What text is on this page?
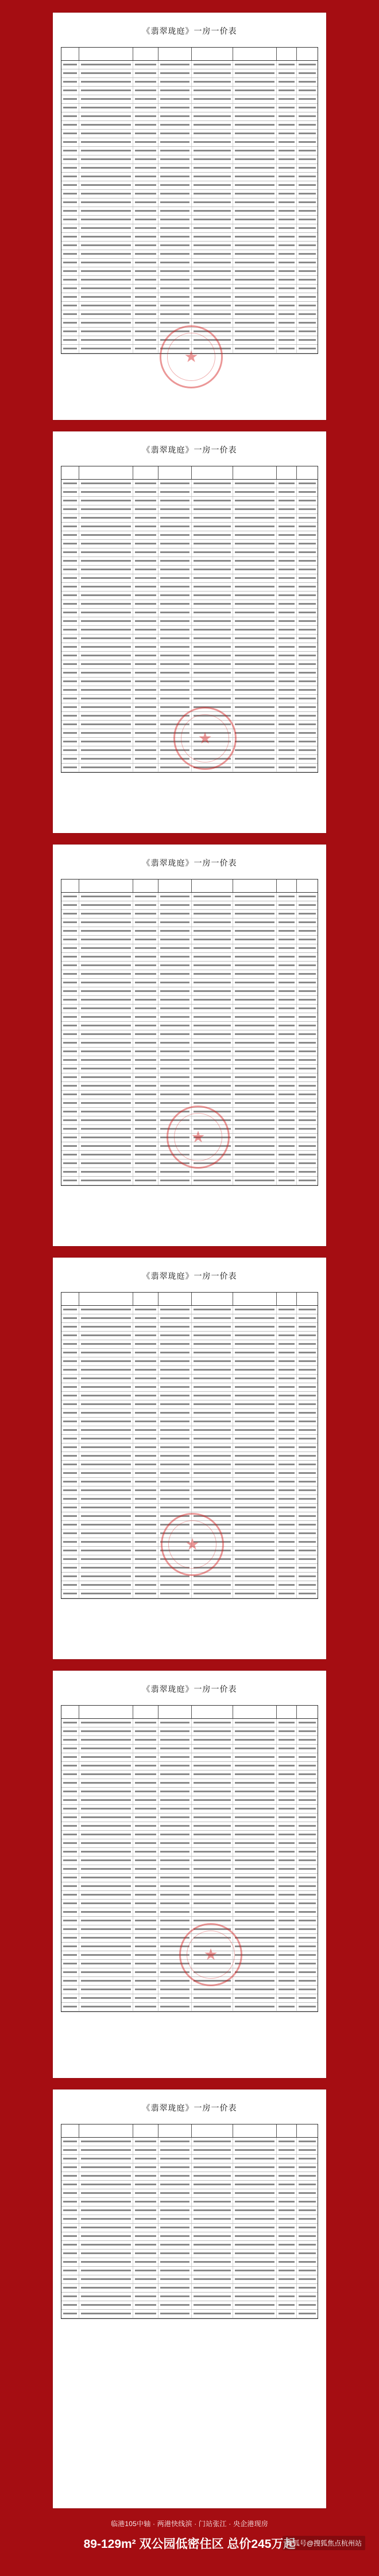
《翡翠珑庭》一房一价表
★
《翡翠珑庭》一房一价表
★
《翡翠珑庭》一房一价表
★
《翡翠珑庭》一房一价表
★
《翡翠珑庭》一房一价表
★
《翡翠珑庭》一房一价表
临港105中轴 · 两港快线滨 · 门站张江 · 央企港现房
89-129m² 双公园低密住区 总价245万起
搜狐号@搜狐焦点杭州站
